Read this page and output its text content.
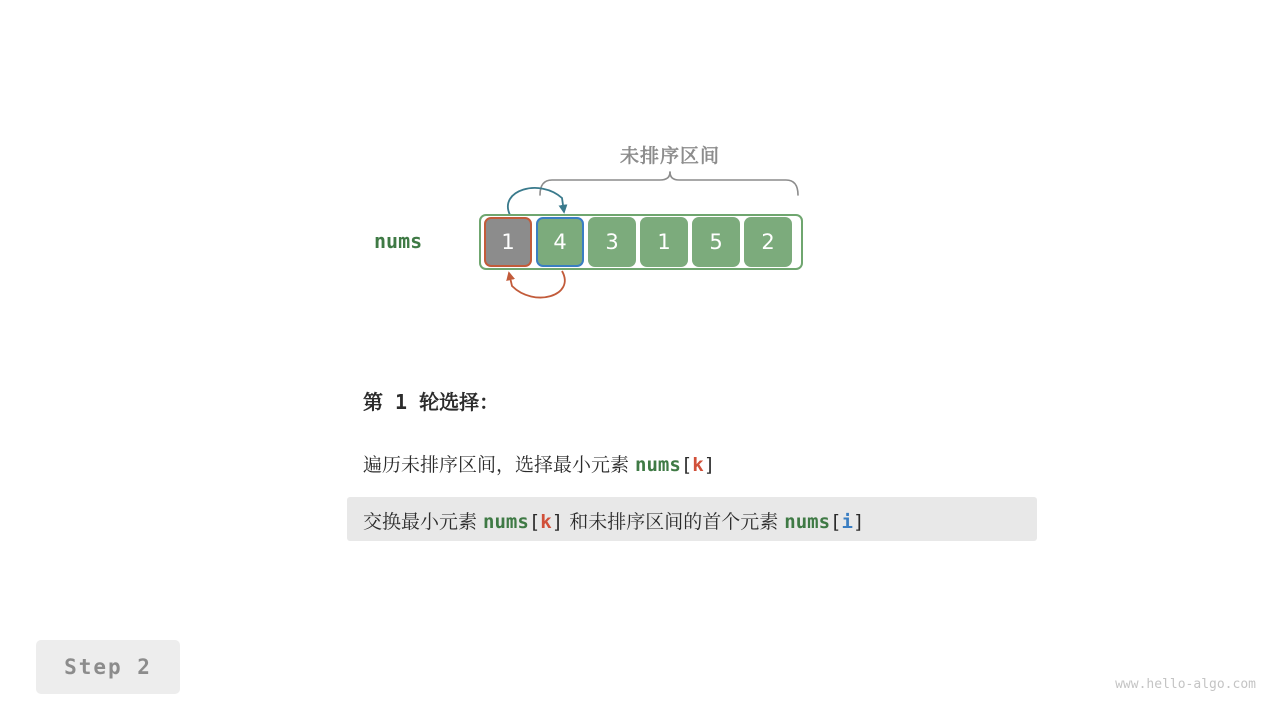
未排序区间
nums	1	4	3	1	5	2
第 1 轮选择：
遍历未排序区间，选择最小元素 nums[k]
交换最小元素 nums[k] 和未排序区间的首个元素 nums[i]
Step 2
www.hello-algo.com
